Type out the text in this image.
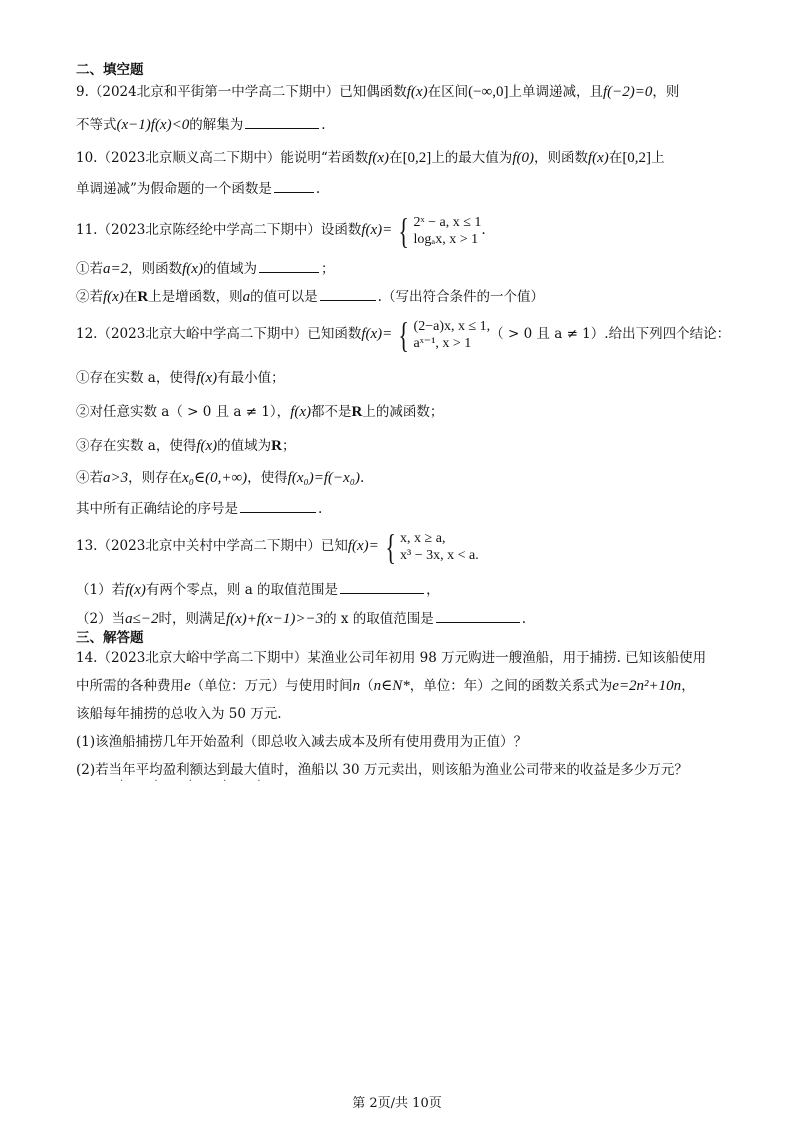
二、填空题
9.（2024北京和平街第一中学高二下期中）已知偶函数f(x)在区间(−∞,0]上单调递减，且f(−2)=0，则
不等式(x−1)f(x)<0的解集为	.
10.（2023北京顺义高二下期中）能说明“若函数f(x)在[0,2]上的最大值为f(0)，则函数f(x)在[0,2]上
单调递减”为假命题的一个函数是	.
11.（2023北京陈经纶中学高二下期中）设函数f(x)= { 2ˣ − a, x ≤ 1
logₐx, x > 1
.
①若a=2，则函数f(x)的值域为	；
②若f(x)在R上是增函数，则a的值可以是	.（写出符合条件的一个值）
12.（2023北京大峪中学高二下期中）已知函数f(x)= { (2−a)x, x ≤ 1,
aˣ⁻¹, x > 1
（ > 0 且 a ≠ 1）.给出下列四个结论：
①存在实数 a，使得f(x)有最小值；
②对任意实数 a（ > 0 且 a ≠ 1），f(x)都不是R上的减函数；
③存在实数 a，使得f(x)的值域为R；
④若a>3，则存在x₀∈(0,+∞)，使得f(x₀)=f(−x₀).
其中所有正确结论的序号是	.
13.（2023北京中关村中学高二下期中）已知f(x)= { x, x ≥ a,
x³ − 3x, x < a.
（1）若f(x)有两个零点，则 a 的取值范围是	，
（2）当a≤−2时，则满足f(x)+f(x−1)>−3的 x 的取值范围是	.
三、解答题
14.（2023北京大峪中学高二下期中）某渔业公司年初用 98 万元购进一艘渔船，用于捕捞. 已知该船使用
中所需的各种费用e（单位：万元）与使用时间n（n∈N*，单位：年）之间的函数关系式为e=2n²+10n，
该船每年捕捞的总收入为 50 万元.
(1)该渔船捕捞几年开始盈利（即总收入减去成本及所有使用费用为正值）？
(2)若当年平均盈利额达到最大值时，渔船以 30 万元卖出，则该船为渔业公司带来的收益是多少万元？
· · · · ·
第 2页/共 10页
